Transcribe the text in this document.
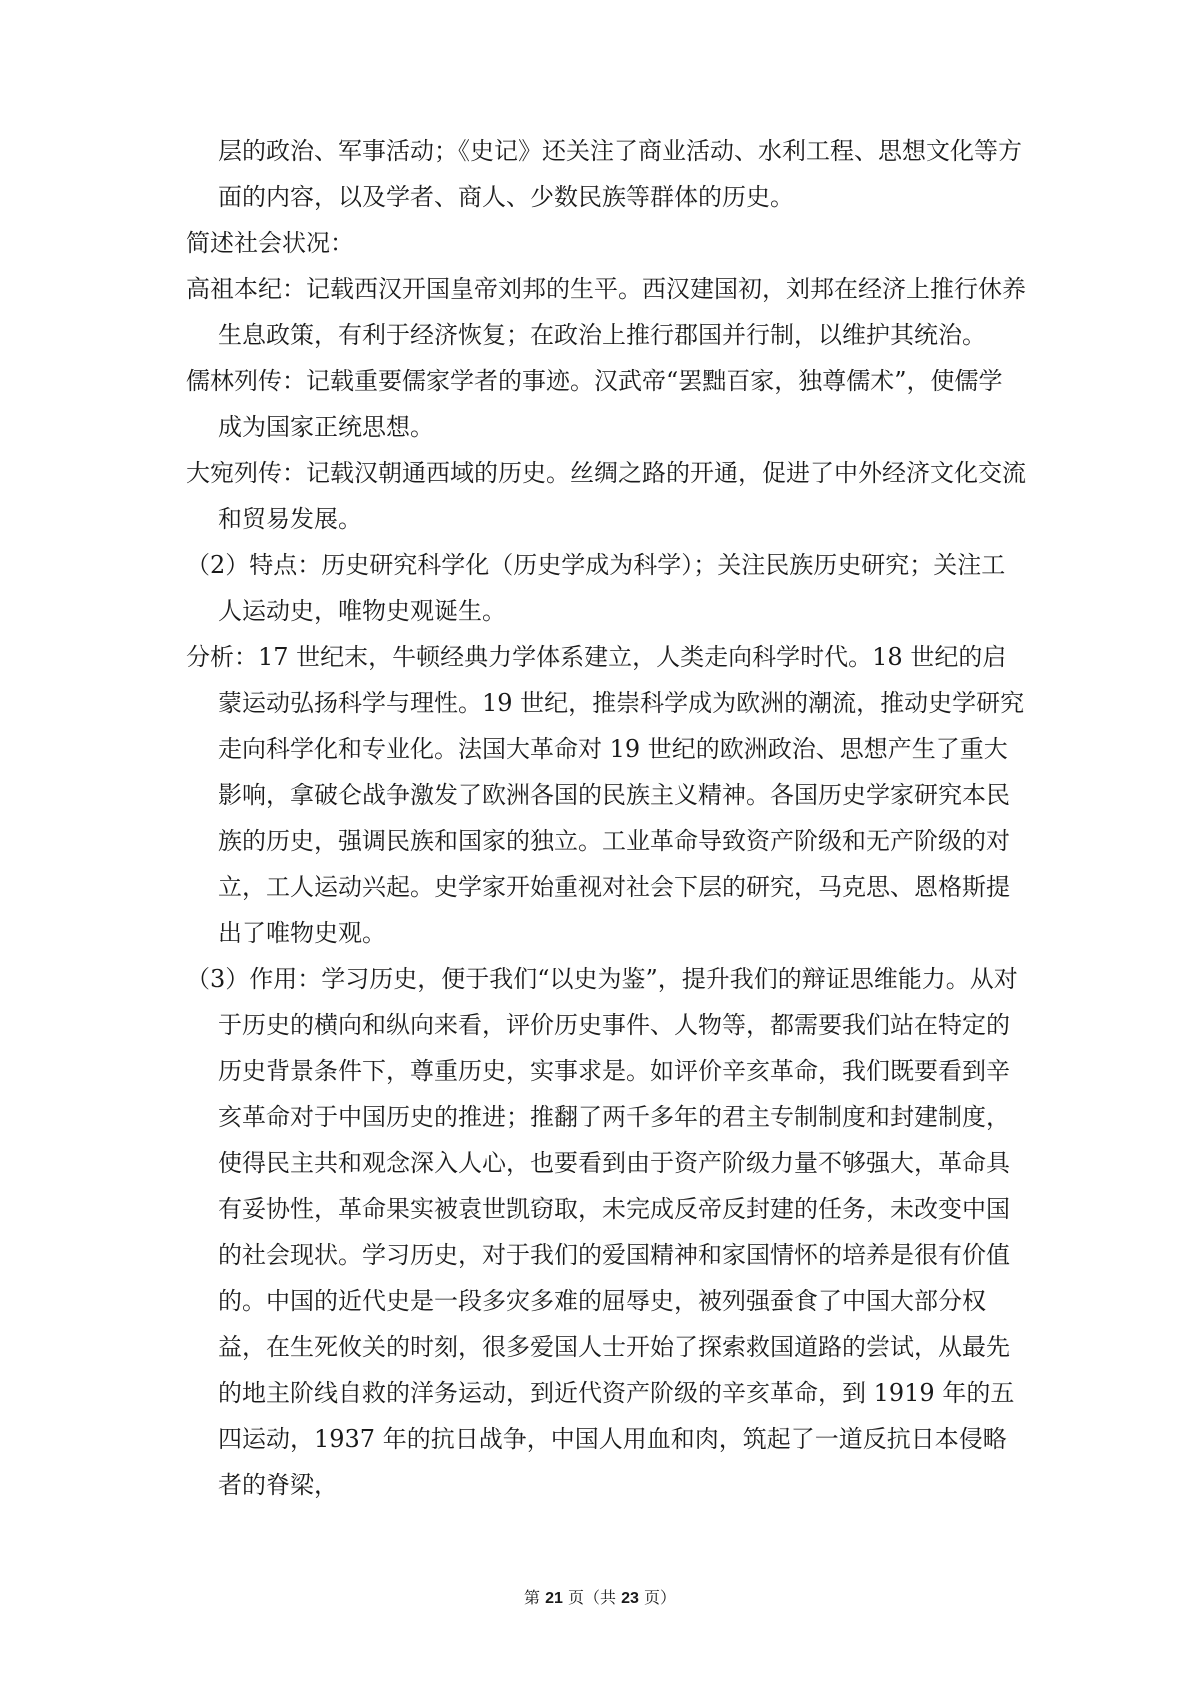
层的政治、军事活动；《史记》还关注了商业活动、水利工程、思想文化等方面的内容，以及学者、商人、少数民族等群体的历史。

简述社会状况：

高祖本纪：记载西汉开国皇帝刘邦的生平。西汉建国初，刘邦在经济上推行休养生息政策，有利于经济恢复；在政治上推行郡国并行制，以维护其统治。

儒林列传：记载重要儒家学者的事迹。汉武帝“罢黜百家，独尊儒术”，使儒学成为国家正统思想。

大宛列传：记载汉朝通西域的历史。丝绸之路的开通，促进了中外经济文化交流和贸易发展。

（2）特点：历史研究科学化（历史学成为科学）；关注民族历史研究；关注工人运动史，唯物史观诞生。

分析：17 世纪末，牛顿经典力学体系建立，人类走向科学时代。18 世纪的启蒙运动弘扬科学与理性。19 世纪，推崇科学成为欧洲的潮流，推动史学研究走向科学化和专业化。法国大革命对 19 世纪的欧洲政治、思想产生了重大影响，拿破仑战争激发了欧洲各国的民族主义精神。各国历史学家研究本民族的历史，强调民族和国家的独立。工业革命导致资产阶级和无产阶级的对立，工人运动兴起。史学家开始重视对社会下层的研究，马克思、恩格斯提出了唯物史观。

（3）作用：学习历史，便于我们“以史为鉴”，提升我们的辩证思维能力。从对于历史的横向和纵向来看，评价历史事件、人物等，都需要我们站在特定的历史背景条件下，尊重历史，实事求是。如评价辛亥革命，我们既要看到辛亥革命对于中国历史的推进；推翻了两千多年的君主专制制度和封建制度，使得民主共和观念深入人心，也要看到由于资产阶级力量不够强大，革命具有妥协性，革命果实被袁世凯窃取，未完成反帝反封建的任务，未改变中国的社会现状。学习历史，对于我们的爱国精神和家国情怀的培养是很有价值的。中国的近代史是一段多灾多难的屈辱史，被列强蚕食了中国大部分权益，在生死攸关的时刻，很多爱国人士开始了探索救国道路的尝试，从最先的地主阶线自救的洋务运动，到近代资产阶级的辛亥革命，到 1919 年的五四运动，1937 年的抗日战争，中国人用血和肉，筑起了一道反抗日本侵略者的脊梁，

第 21 页（共 23 页）
